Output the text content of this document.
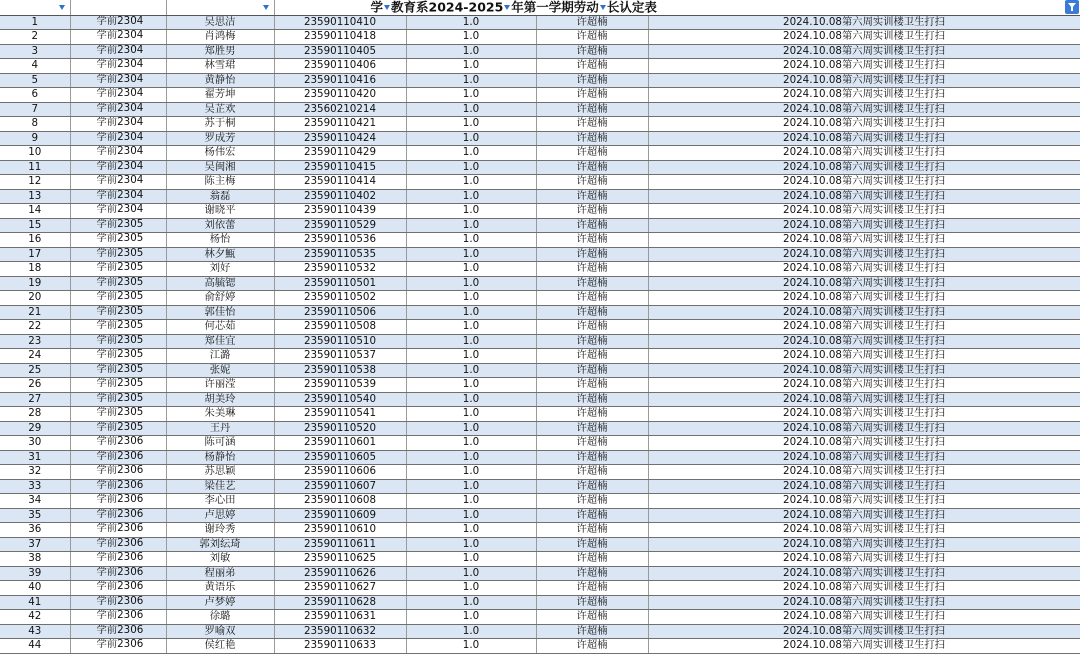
	学 教育系2024-2025 年第一学期劳动 长认定表			

1	学前2304	吴思洁	23590110410	1.0	许超楠	2024.10.08第六周实训楼卫生打扫
2	学前2304	肖鸿梅	23590110418	1.0	许超楠	2024.10.08第六周实训楼卫生打扫
3	学前2304	郑胜男	23590110405	1.0	许超楠	2024.10.08第六周实训楼卫生打扫
4	学前2304	林雪珺	23590110406	1.0	许超楠	2024.10.08第六周实训楼卫生打扫
5	学前2304	黄静怡	23590110416	1.0	许超楠	2024.10.08第六周实训楼卫生打扫
6	学前2304	翟芳坤	23590110420	1.0	许超楠	2024.10.08第六周实训楼卫生打扫
7	学前2304	吴芷欢	23560210214	1.0	许超楠	2024.10.08第六周实训楼卫生打扫
8	学前2304	苏于桐	23590110421	1.0	许超楠	2024.10.08第六周实训楼卫生打扫
9	学前2304	罗成芳	23590110424	1.0	许超楠	2024.10.08第六周实训楼卫生打扫
10	学前2304	杨伟宏	23590110429	1.0	许超楠	2024.10.08第六周实训楼卫生打扫
11	学前2304	吴闽湘	23590110415	1.0	许超楠	2024.10.08第六周实训楼卫生打扫
12	学前2304	陈主梅	23590110414	1.0	许超楠	2024.10.08第六周实训楼卫生打扫
13	学前2304	翁磊	23590110402	1.0	许超楠	2024.10.08第六周实训楼卫生打扫
14	学前2304	谢晓平	23590110439	1.0	许超楠	2024.10.08第六周实训楼卫生打扫
15	学前2305	刘依蕾	23590110529	1.0	许超楠	2024.10.08第六周实训楼卫生打扫
16	学前2305	杨怡	23590110536	1.0	许超楠	2024.10.08第六周实训楼卫生打扫
17	学前2305	林夕甒	23590110535	1.0	许超楠	2024.10.08第六周实训楼卫生打扫
18	学前2305	刘好	23590110532	1.0	许超楠	2024.10.08第六周实训楼卫生打扫
19	学前2305	高毓锶	23590110501	1.0	许超楠	2024.10.08第六周实训楼卫生打扫
20	学前2305	俞舒婷	23590110502	1.0	许超楠	2024.10.08第六周实训楼卫生打扫
21	学前2305	郭佳怡	23590110506	1.0	许超楠	2024.10.08第六周实训楼卫生打扫
22	学前2305	何芯茹	23590110508	1.0	许超楠	2024.10.08第六周实训楼卫生打扫
23	学前2305	郑佳宜	23590110510	1.0	许超楠	2024.10.08第六周实训楼卫生打扫
24	学前2305	江潞	23590110537	1.0	许超楠	2024.10.08第六周实训楼卫生打扫
25	学前2305	张妮	23590110538	1.0	许超楠	2024.10.08第六周实训楼卫生打扫
26	学前2305	许丽滢	23590110539	1.0	许超楠	2024.10.08第六周实训楼卫生打扫
27	学前2305	胡美玲	23590110540	1.0	许超楠	2024.10.08第六周实训楼卫生打扫
28	学前2305	朱美琳	23590110541	1.0	许超楠	2024.10.08第六周实训楼卫生打扫
29	学前2305	王丹	23590110520	1.0	许超楠	2024.10.08第六周实训楼卫生打扫
30	学前2306	陈可涵	23590110601	1.0	许超楠	2024.10.08第六周实训楼卫生打扫
31	学前2306	杨静怡	23590110605	1.0	许超楠	2024.10.08第六周实训楼卫生打扫
32	学前2306	苏思颖	23590110606	1.0	许超楠	2024.10.08第六周实训楼卫生打扫
33	学前2306	梁佳艺	23590110607	1.0	许超楠	2024.10.08第六周实训楼卫生打扫
34	学前2306	李心田	23590110608	1.0	许超楠	2024.10.08第六周实训楼卫生打扫
35	学前2306	卢思婷	23590110609	1.0	许超楠	2024.10.08第六周实训楼卫生打扫
36	学前2306	谢玲秀	23590110610	1.0	许超楠	2024.10.08第六周实训楼卫生打扫
37	学前2306	郭刘纭琦	23590110611	1.0	许超楠	2024.10.08第六周实训楼卫生打扫
38	学前2306	刘敏	23590110625	1.0	许超楠	2024.10.08第六周实训楼卫生打扫
39	学前2306	程丽弟	23590110626	1.0	许超楠	2024.10.08第六周实训楼卫生打扫
40	学前2306	黄语乐	23590110627	1.0	许超楠	2024.10.08第六周实训楼卫生打扫
41	学前2306	卢梦婷	23590110628	1.0	许超楠	2024.10.08第六周实训楼卫生打扫
42	学前2306	徐璐	23590110631	1.0	许超楠	2024.10.08第六周实训楼卫生打扫
43	学前2306	罗喻双	23590110632	1.0	许超楠	2024.10.08第六周实训楼卫生打扫
44	学前2306	侯红艳	23590110633	1.0	许超楠	2024.10.08第六周实训楼卫生打扫
